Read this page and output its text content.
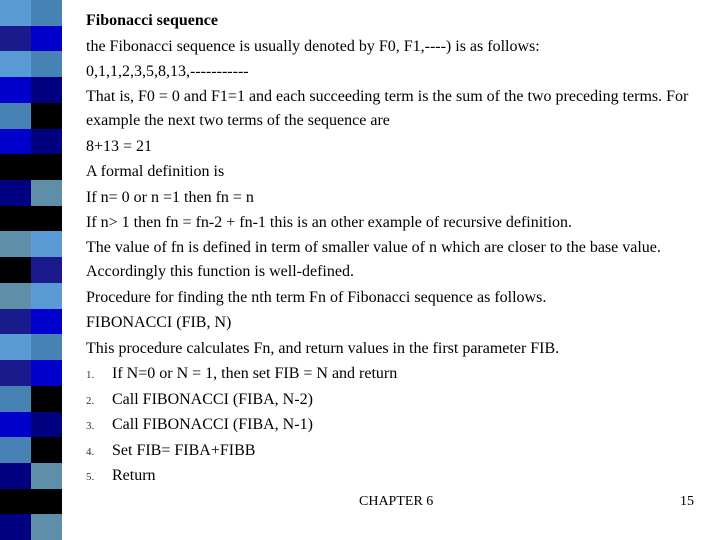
Fibonacci sequence
the Fibonacci sequence is usually denoted by F0, F1,----) is as follows:
0,1,1,2,3,5,8,13,-----------
That is, F0 = 0 and F1=1 and each succeeding term is the sum of the two preceding terms. For example the next two terms of the sequence are
8+13 = 21
A formal definition is
If n= 0 or n =1 then fn = n
If n> 1 then fn = fn-2 + fn-1 this is an other example of recursive definition.
The value of fn is defined in term of smaller value of n which are closer to the base value. Accordingly this function is well-defined.
Procedure for finding the nth term Fn of Fibonacci sequence as follows.
FIBONACCI (FIB, N)
This procedure calculates Fn, and return values in the first parameter FIB.
1. If N=0 or N = 1, then set FIB = N and return
2. Call FIBONACCI (FIBA, N-2)
3. Call FIBONACCI (FIBA, N-1)
4. Set FIB= FIBA+FIBB
5. Return
CHAPTER 6	15
